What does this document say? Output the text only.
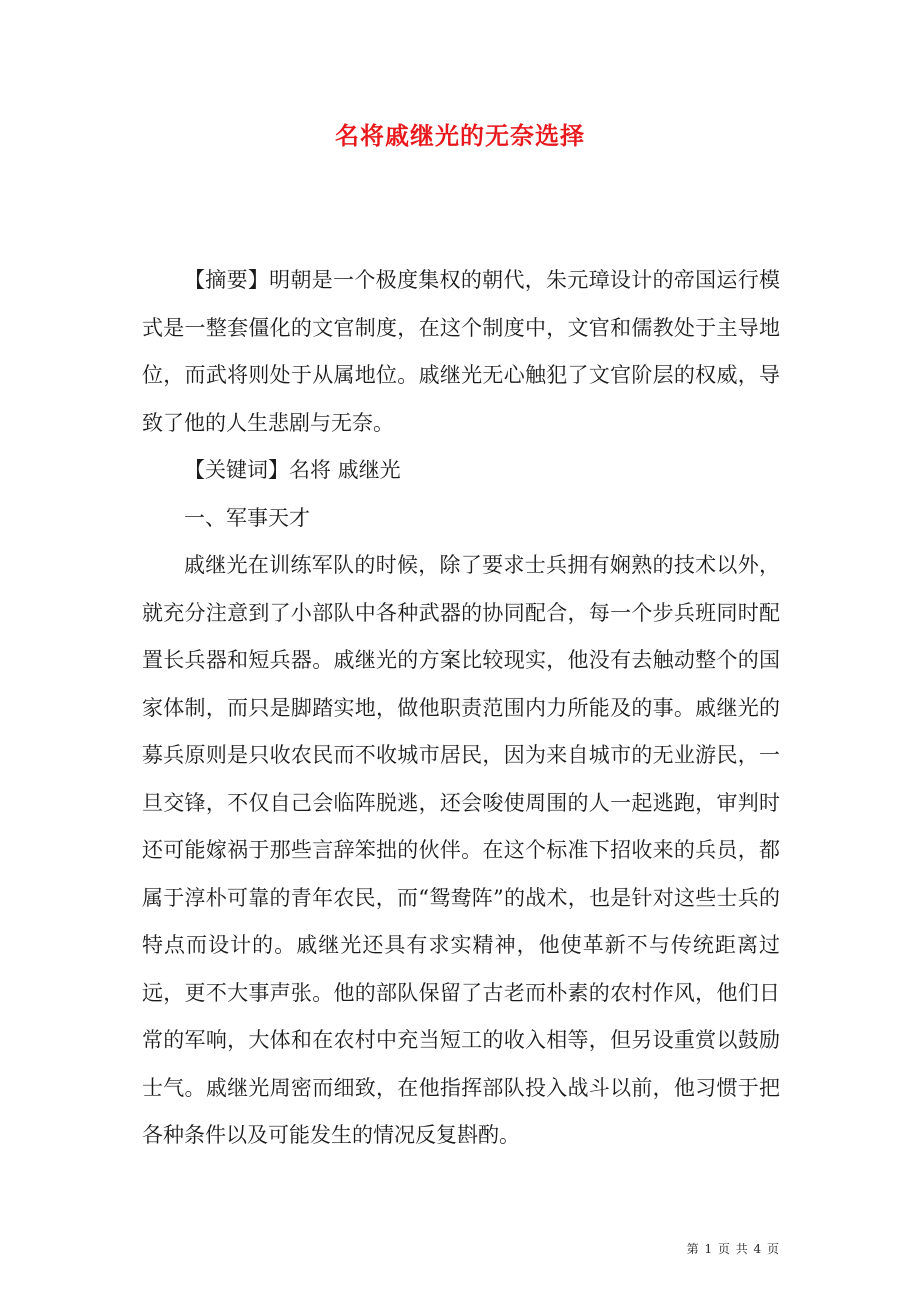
名将戚继光的无奈选择

【摘要】明朝是一个极度集权的朝代，朱元璋设计的帝国运行模式是一整套僵化的文官制度，在这个制度中，文官和儒教处于主导地位，而武将则处于从属地位。戚继光无心触犯了文官阶层的权威，导致了他的人生悲剧与无奈。

【关键词】名将 戚继光

一、军事天才

戚继光在训练军队的时候，除了要求士兵拥有娴熟的技术以外，就充分注意到了小部队中各种武器的协同配合，每一个步兵班同时配置长兵器和短兵器。戚继光的方案比较现实，他没有去触动整个的国家体制，而只是脚踏实地，做他职责范围内力所能及的事。戚继光的募兵原则是只收农民而不收城市居民，因为来自城市的无业游民，一旦交锋，不仅自己会临阵脱逃，还会唆使周围的人一起逃跑，审判时还可能嫁祸于那些言辞笨拙的伙伴。在这个标准下招收来的兵员，都属于淳朴可靠的青年农民，而“鸳鸯阵”的战术，也是针对这些士兵的特点而设计的。戚继光还具有求实精神，他使革新不与传统距离过远，更不大事声张。他的部队保留了古老而朴素的农村作风，他们日常的军响，大体和在农村中充当短工的收入相等，但另设重赏以鼓励士气。戚继光周密而细致，在他指挥部队投入战斗以前，他习惯于把各种条件以及可能发生的情况反复斟酌。

第 1 页 共 4 页
